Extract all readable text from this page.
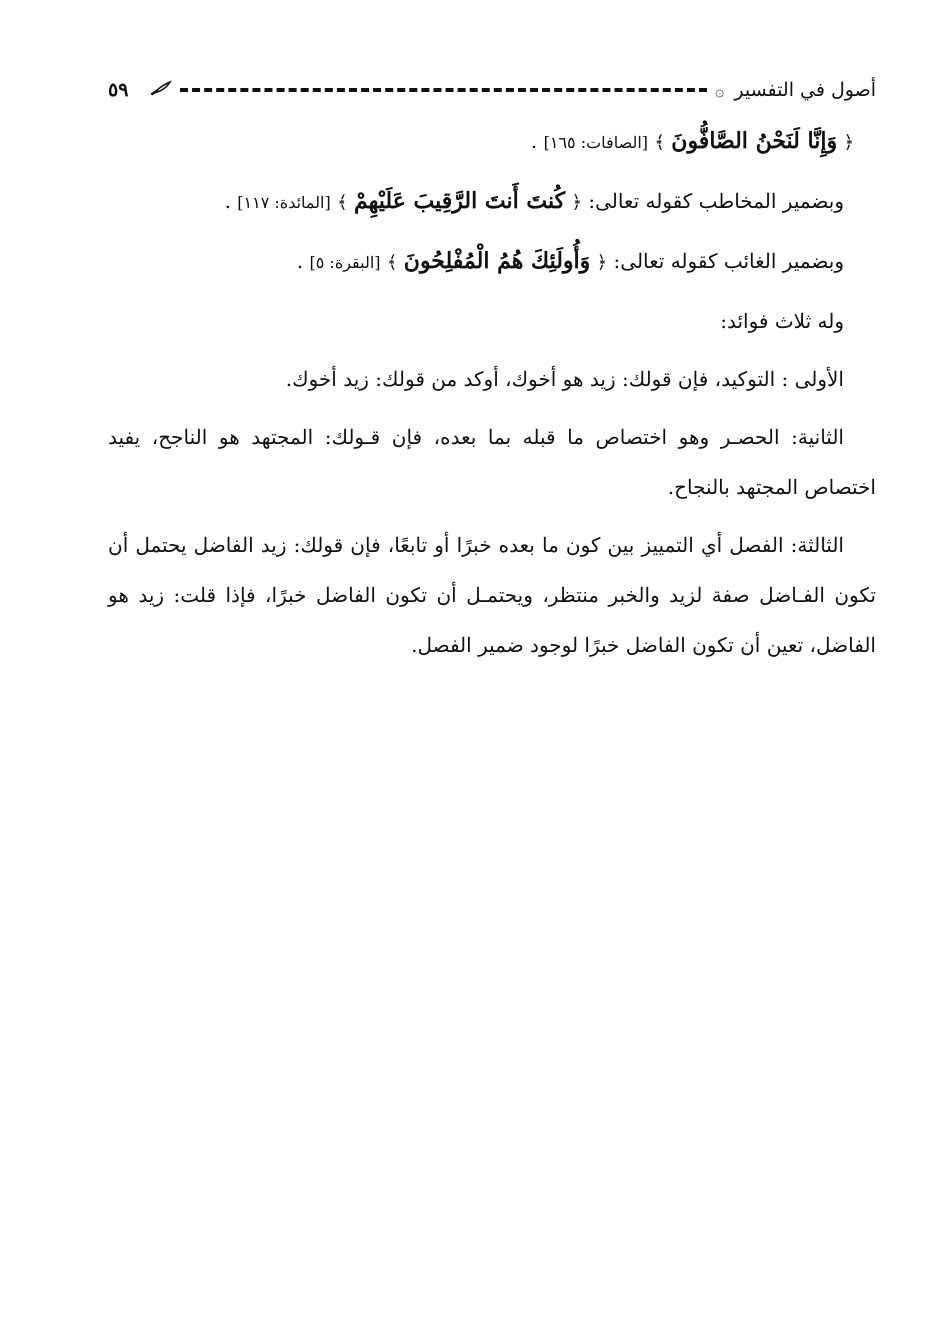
أصول في التفسير
۞
٥٩

﴿ وَإِنَّا لَنَحْنُ الصَّافُّونَ ﴾ [الصافات: ١٦٥] .

وبضمير المخاطب كقوله تعالى: ﴿ كُنتَ أَنتَ الرَّقِيبَ عَلَيْهِمْ ﴾ [المائدة: ١١٧] .

وبضمير الغائب كقوله تعالى: ﴿ وَأُولَئِكَ هُمُ الْمُفْلِحُونَ ﴾ [البقرة: ٥] .

وله ثلاث فوائد:

الأولى : التوكيد، فإن قولك: زيد هو أخوك، أوكد من قولك: زيد أخوك.

الثانية: الحصـر وهو اختصاص ما قبله بما بعده، فإن قـولك: المجتهد هو الناجح، يفيد اختصاص المجتهد بالنجاح.

الثالثة: الفصل أي التمييز بين كون ما بعده خبرًا أو تابعًا، فإن قولك: زيد الفاضل يحتمل أن تكون الفـاضل صفة لزيد والخبر منتظر، ويحتمـل أن تكون الفاضل خبرًا، فإذا قلت: زيد هو الفاضل، تعين أن تكون الفاضل خبرًا لوجود ضمير الفصل.
